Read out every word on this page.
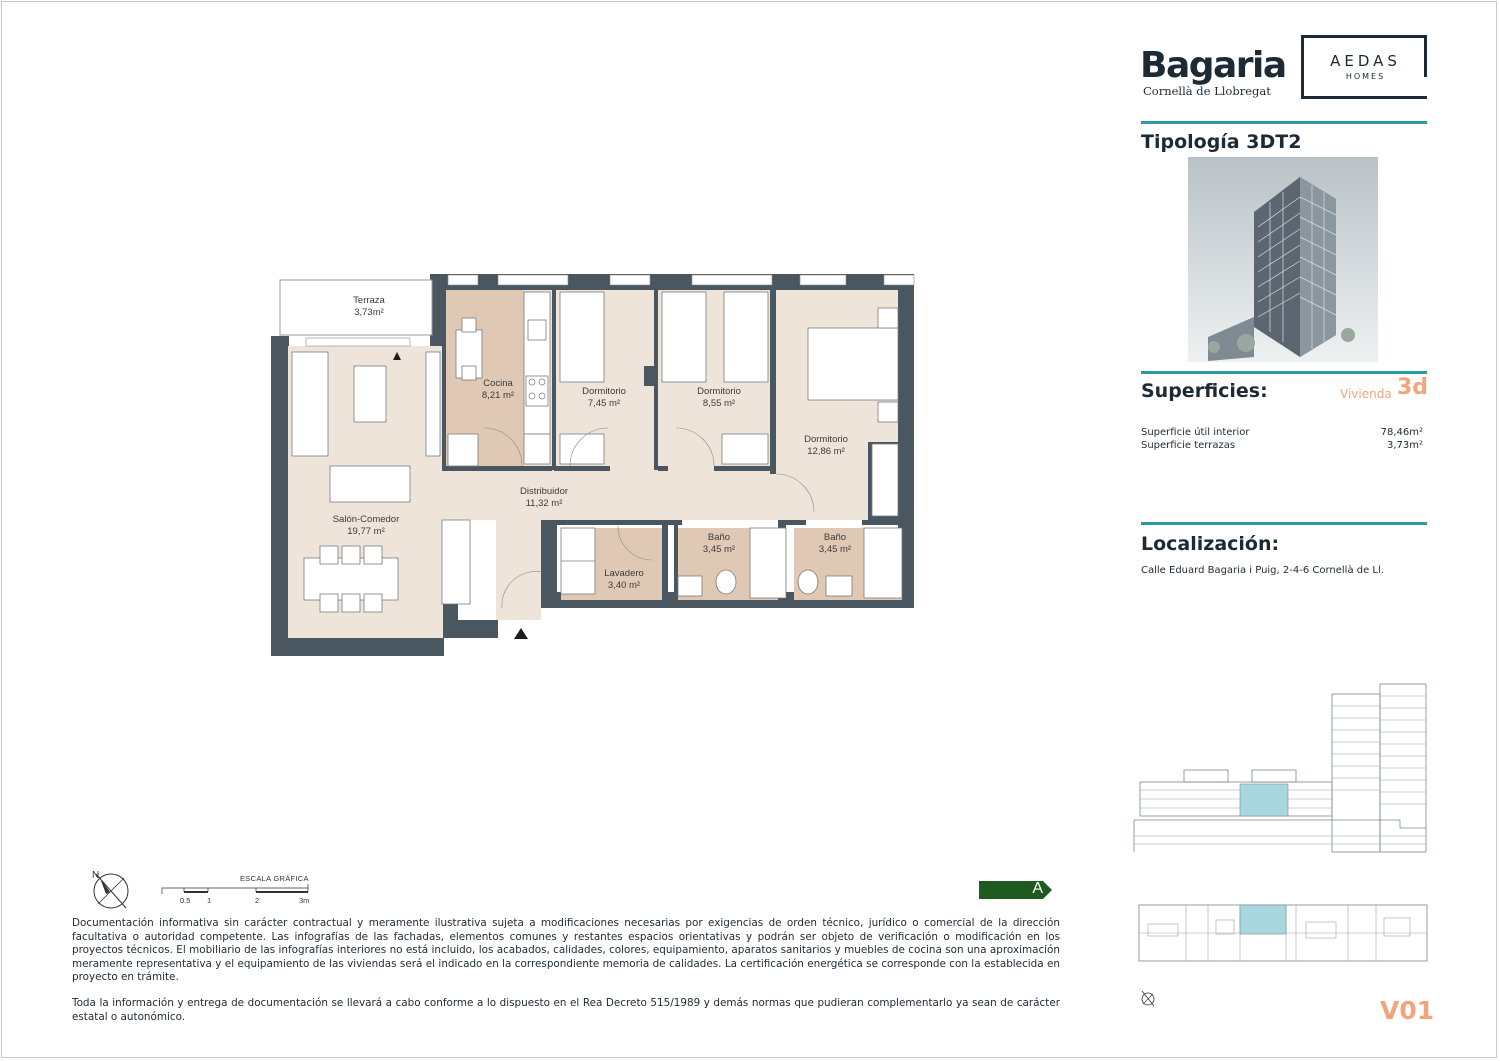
Bagaria
Cornellà de Llobregat
AEDAS
HOMES
Tipología 3DT2
Superficies:	Vivienda 3d
Superficie útil interior	78,46m²
Superficie terrazas	3,73m²
Localización:
Calle Eduard Bagaria i Puig, 2-4-6 Cornellà de Ll.
V01
Terraza
3,73m²
Cocina
8,21 m²	Dormitorio
7,45 m²
Dormitorio
8,55 m²
Dormitorio
12,86 m²
Salón-Comedor
19,77 m²
Distribuidor
11,32 m²
Lavadero
3,40 m²
Baño
3,45 m²
Baño
3,45 m²
N	ESCALA GRÁFICA
0.5 1	2	3m
A

Documentación informativa sin carácter contractual y meramente ilustrativa sujeta a modificaciones necesarias por exigencias de orden técnico, jurídico o comercial de la dirección facultativa o autoridad competente. Las infografías de las fachadas, elementos comunes y restantes espacios orientativas y podrán ser objeto de verificación o modificación en los proyectos técnicos. El mobiliario de las infografías interiores no está incluido, los acabados, calidades, colores, equipamiento, aparatos sanitarios y muebles de cocina son una aproximación meramente representativa y el equipamiento de las viviendas será el indicado en la correspondiente memoria de calidades. La certificación energética se corresponde con la establecida en proyecto en trámite.

Toda la información y entrega de documentación se llevará a cabo conforme a lo dispuesto en el Rea Decreto 515/1989 y demás normas que pudieran complementarlo ya sean de carácter estatal o autonómico.
